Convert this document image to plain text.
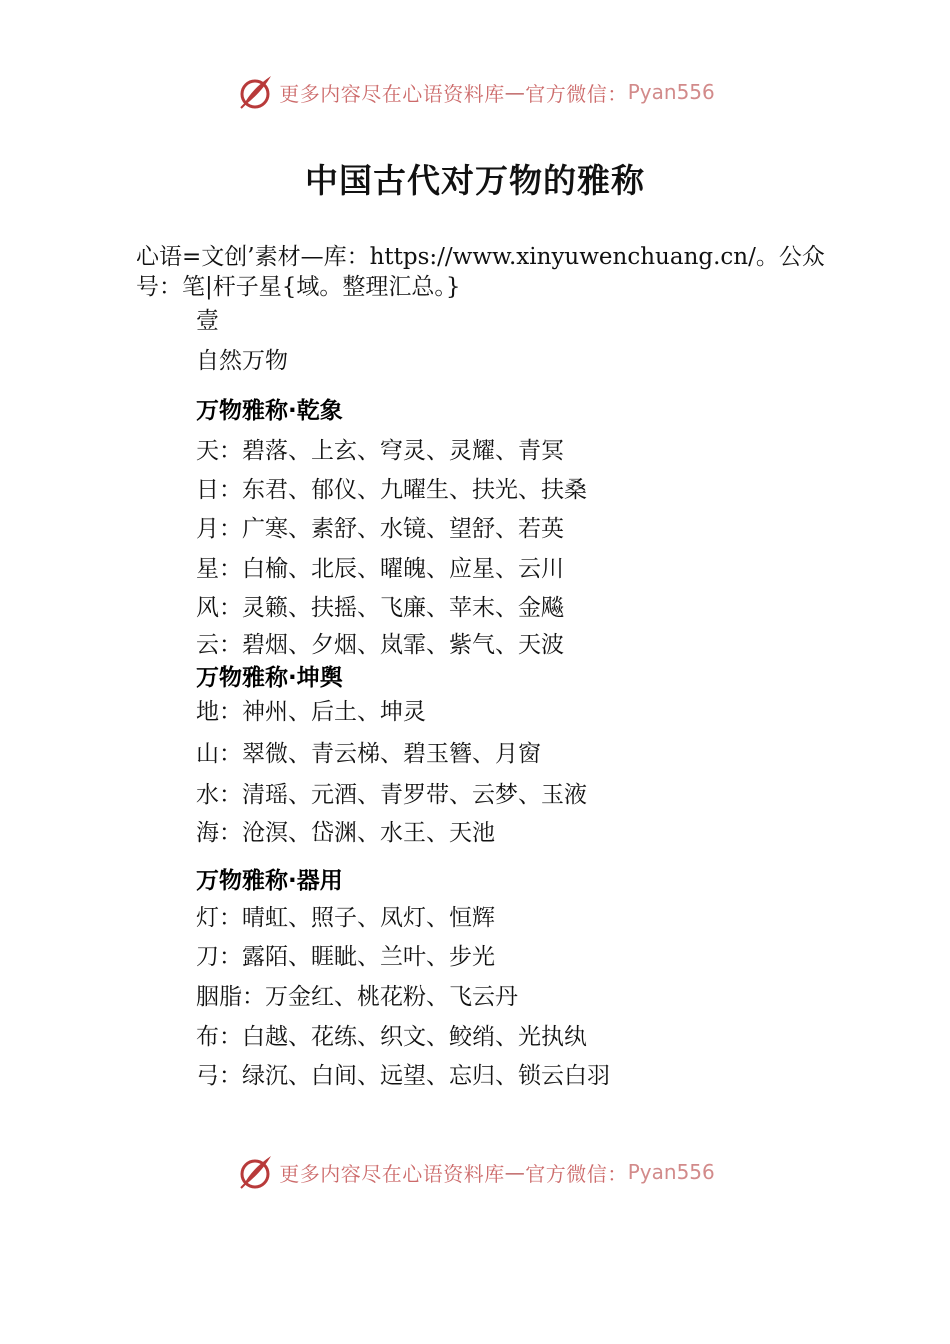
更多内容尽在心语资料库 — 官方微信： Pyan556
中国古代对万物的雅称
心语=文创’素材—库：https://www.xinyuwenchuang.cn/。公众号：笔|杆子星{域。整理汇总。}
壹
自然万物
万物雅称·乾象
天：碧落、上玄、穹灵、灵耀、青冥
日：东君、郁仪、九曜生、扶光、扶桑
月：广寒、素舒、水镜、望舒、若英
星：白榆、北辰、曜魄、应星、云川
风：灵籁、扶摇、飞廉、苹末、金飚
云：碧烟、夕烟、岚霏、紫气、天波
万物雅称·坤舆
地：神州、后土、坤灵
山：翠微、青云梯、碧玉簪、月窗
水：清瑶、元酒、青罗带、云梦、玉液
海：沧溟、岱渊、水王、天池
万物雅称·器用
灯：晴虹、照子、凤灯、恒辉
刀：露陌、睚眦、兰叶、步光
胭脂：万金红、桃花粉、飞云丹
布：白越、花练、织文、鲛绡、光执纨
弓：绿沉、白间、远望、忘归、锁云白羽
更多内容尽在心语资料库 — 官方微信： Pyan556
